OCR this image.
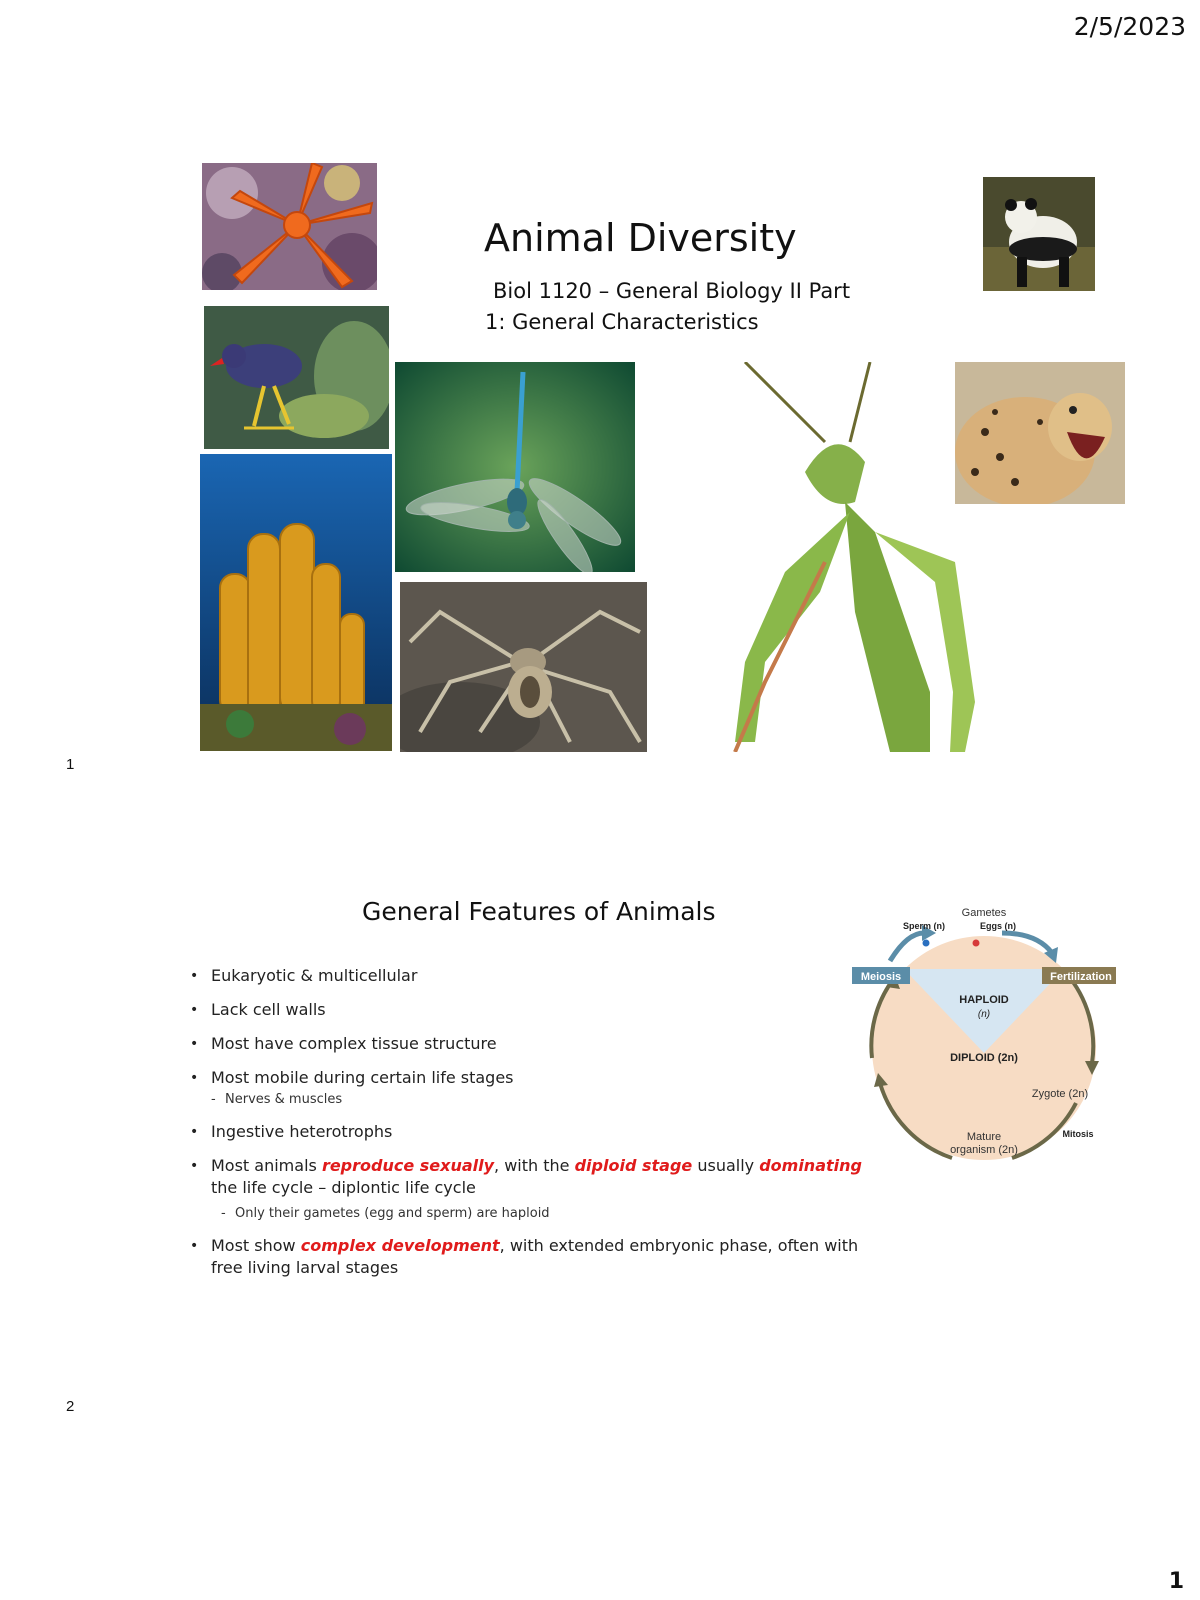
2/5/2023
1
1
Animal Diversity
Biol 1120 – General Biology II Part
1: General Characteristics
2
General Features of Animals
• Eukaryotic & multicellular
• Lack cell walls
• Most have complex tissue structure
• Most mobile during certain life stages
- Nerves & muscles
• Ingestive heterotrophs
• Most animals reproduce sexually, with the diploid stage usually dominating the life cycle – diplontic life cycle
- Only their gametes (egg and sperm) are haploid
• Most show complex development, with extended embryonic phase, often with free living larval stages
Gametes
Sperm (n)	Eggs (n)
Meiosis	Fertilization
HAPLOID
(n)
DIPLOID (2n)
Zygote (2n)
Mitosis
Mature
organism (2n)
